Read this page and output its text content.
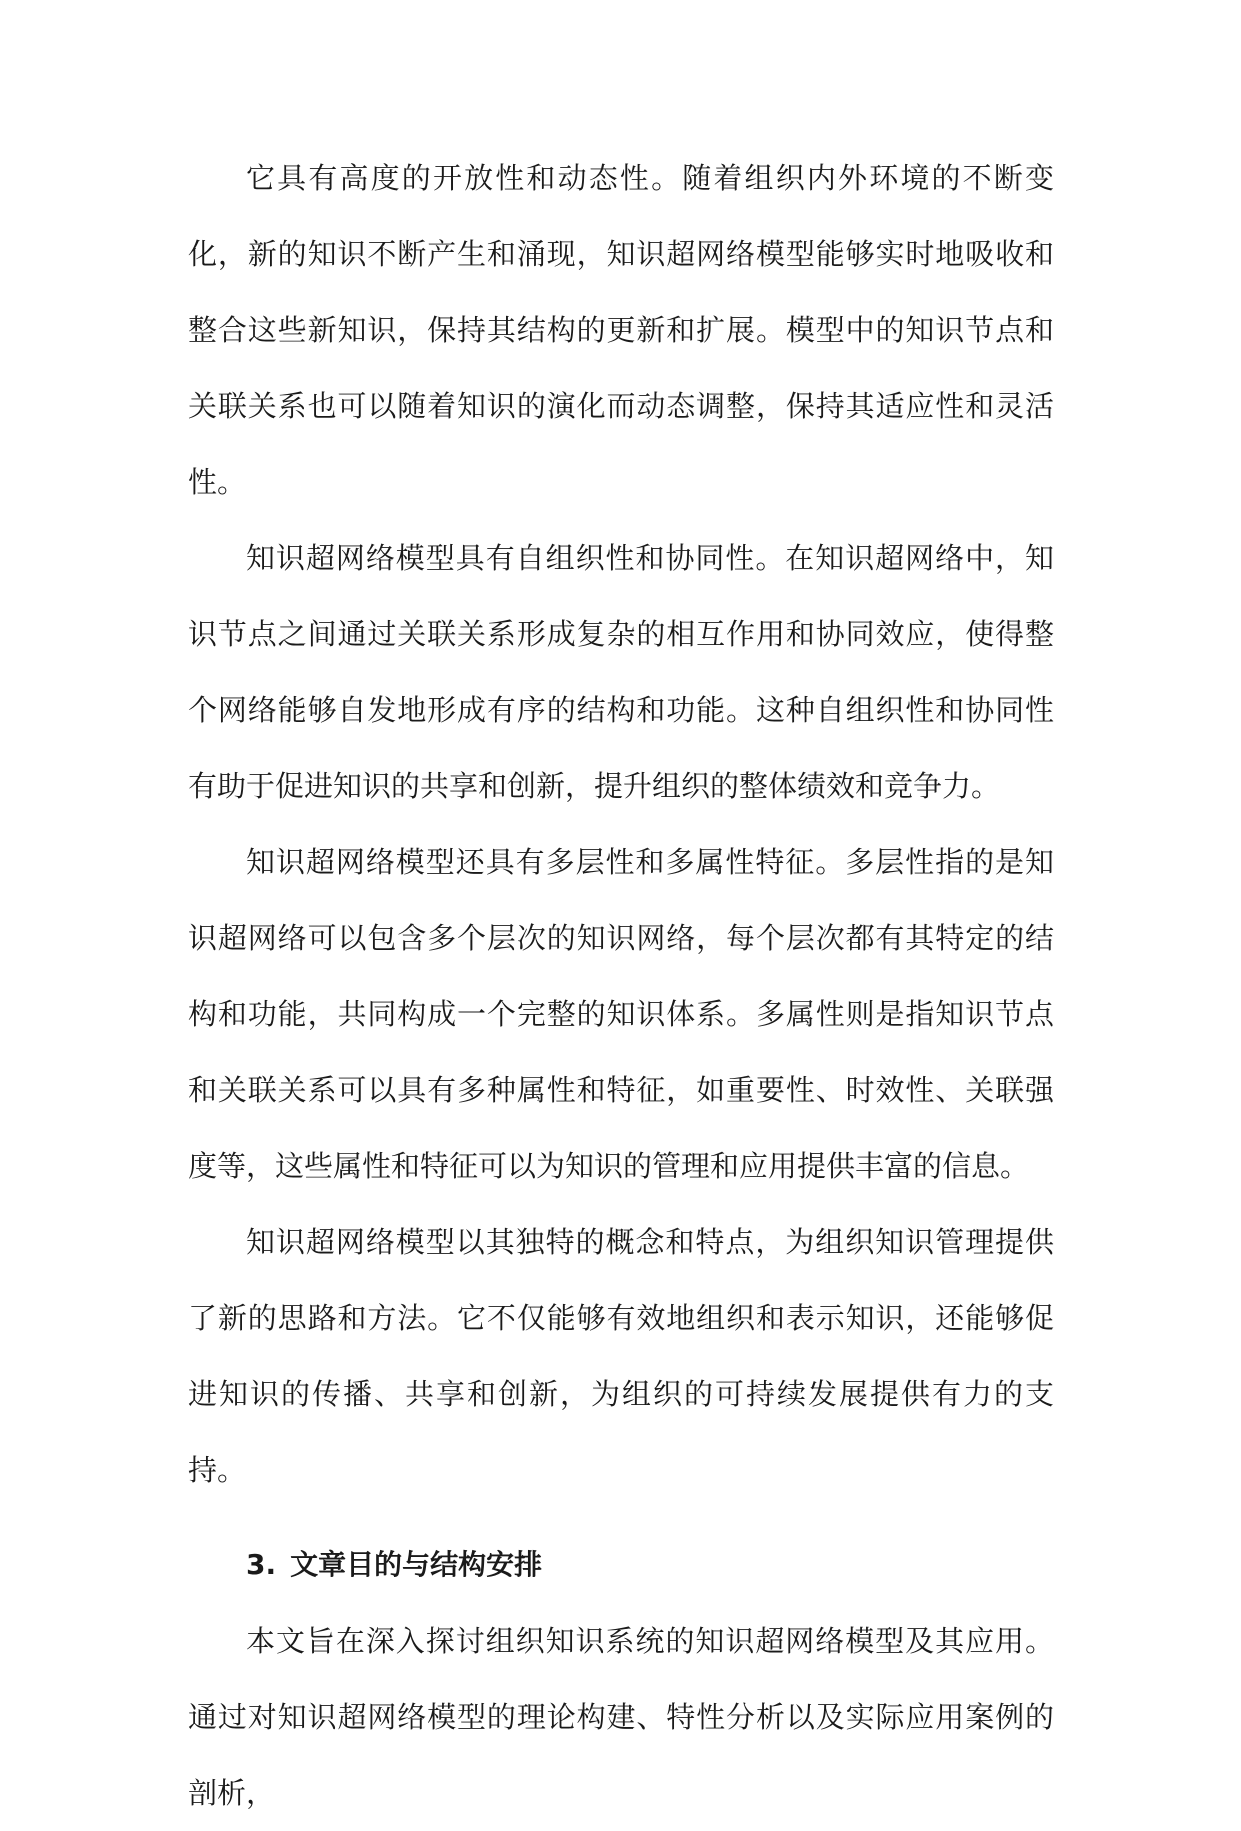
它具有高度的开放性和动态性。随着组织内外环境的不断变化，新的知识不断产生和涌现，知识超网络模型能够实时地吸收和整合这些新知识，保持其结构的更新和扩展。模型中的知识节点和关联关系也可以随着知识的演化而动态调整，保持其适应性和灵活性。

知识超网络模型具有自组织性和协同性。在知识超网络中，知识节点之间通过关联关系形成复杂的相互作用和协同效应，使得整个网络能够自发地形成有序的结构和功能。这种自组织性和协同性有助于促进知识的共享和创新，提升组织的整体绩效和竞争力。

知识超网络模型还具有多层性和多属性特征。多层性指的是知识超网络可以包含多个层次的知识网络，每个层次都有其特定的结构和功能，共同构成一个完整的知识体系。多属性则是指知识节点和关联关系可以具有多种属性和特征，如重要性、时效性、关联强度等，这些属性和特征可以为知识的管理和应用提供丰富的信息。

知识超网络模型以其独特的概念和特点，为组织知识管理提供了新的思路和方法。它不仅能够有效地组织和表示知识，还能够促进知识的传播、共享和创新，为组织的可持续发展提供有力的支持。

3. 文章目的与结构安排

本文旨在深入探讨组织知识系统的知识超网络模型及其应用。通过对知识超网络模型的理论构建、特性分析以及实际应用案例的剖析，
